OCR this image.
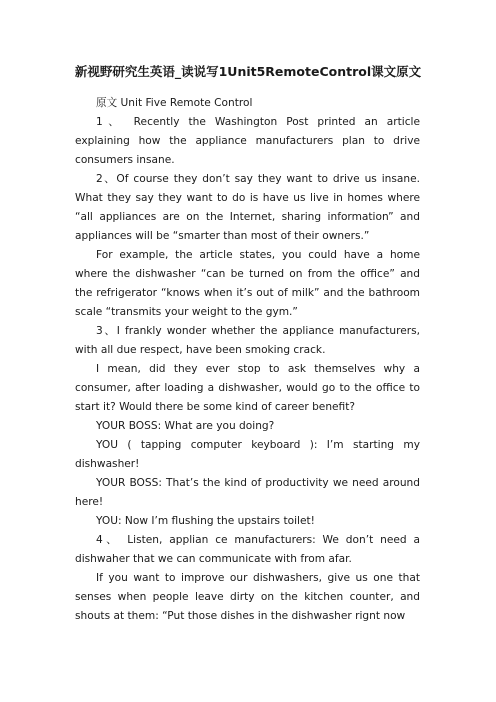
新视野研究生英语_读说写1Unit5RemoteControl课文原文

原文 Unit Five Remote Control

1、 Recently the Washington Post printed an article explaining how the appliance manufacturers plan to drive consumers insane.

2、Of course they don’t say they want to drive us insane. What they say they want to do is have us live in homes where “all appliances are on the Internet, sharing information” and appliances will be “smarter than most of their owners.”

For example, the article states, you could have a home where the dishwasher “can be turned on from the office” and the refrigerator “knows when it’s out of milk” and the bathroom scale “transmits your weight to the gym.”

3、I frankly wonder whether the appliance manufacturers, with all due respect, have been smoking crack.

I mean, did they ever stop to ask themselves why a consumer, after loading a dishwasher, would go to the office to start it? Would there be some kind of career benefit?

YOUR BOSS: What are you doing?

YOU ( tapping computer keyboard ): I’m starting my dishwasher!

YOUR BOSS: That’s the kind of productivity we need around here!

YOU: Now I’m flushing the upstairs toilet!

4、 Listen, applian ce manufacturers: We don’t need a dishwaher that we can communicate with from afar.

If you want to improve our dishwashers, give us one that senses when people leave dirty on the kitchen counter, and shouts at them: “Put those dishes in the dishwasher rignt now
